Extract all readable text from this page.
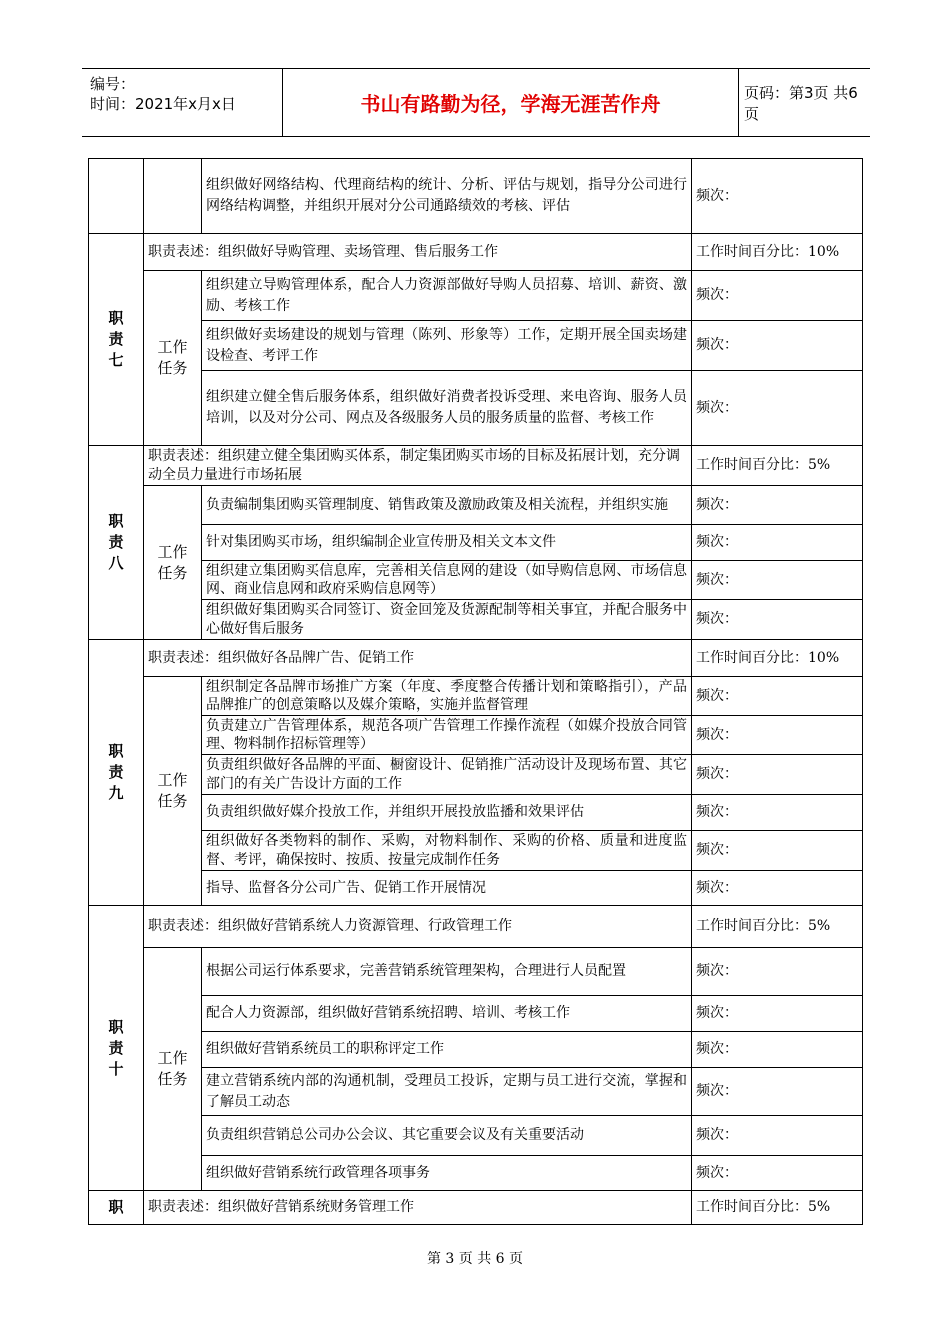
编号：
时间：2021年x月x日	书山有路勤为径，学海无涯苦作舟	页码：第3页 共6页
		组织做好网络结构、代理商结构的统计、分析、评估与规划，指导分公司进行网络结构调整，并组织开展对分公司通路绩效的考核、评估	频次：

职
责
七	职责表述：组织做好导购管理、卖场管理、售后服务工作		工作时间百分比：10%

	工作
任务	组织建立导购管理体系，配合人力资源部做好导购人员招募、培训、薪资、激励、考核工作	频次：
		组织做好卖场建设的规划与管理（陈列、形象等）工作，定期开展全国卖场建设检查、考评工作	频次：
		组织建立健全售后服务体系，组织做好消费者投诉受理、来电咨询、服务人员培训，以及对分公司、网点及各级服务人员的服务质量的监督、考核工作	频次：

职
责
八	职责表述：组织建立健全集团购买体系，制定集团购买市场的目标及拓展计划，充分调动全员力量进行市场拓展		工作时间百分比：5%

	工作
任务	负责编制集团购买管理制度、销售政策及激励政策及相关流程，并组织实施	频次：
		针对集团购买市场，组织编制企业宣传册及相关文本文件	频次：
		组织建立集团购买信息库，完善相关信息网的建设（如导购信息网、市场信息网、商业信息网和政府采购信息网等）	频次：
		组织做好集团购买合同签订、资金回笼及货源配制等相关事宜，并配合服务中心做好售后服务	频次：

职
责
九	职责表述：组织做好各品牌广告、促销工作		工作时间百分比：10%

	工作
任务	组织制定各品牌市场推广方案（年度、季度整合传播计划和策略指引），产品品牌推广的创意策略以及媒介策略，实施并监督管理	频次：
		负责建立广告管理体系，规范各项广告管理工作操作流程（如媒介投放合同管理、物料制作招标管理等）	频次：
		负责组织做好各品牌的平面、橱窗设计、促销推广活动设计及现场布置、其它部门的有关广告设计方面的工作	频次：
		负责组织做好媒介投放工作，并组织开展投放监播和效果评估	频次：
		组织做好各类物料的制作、采购，对物料制作、采购的价格、质量和进度监督、考评，确保按时、按质、按量完成制作任务	频次：
		指导、监督各分公司广告、促销工作开展情况	频次：

职
责
十	职责表述：组织做好营销系统人力资源管理、行政管理工作		工作时间百分比：5%

	工作
任务	根据公司运行体系要求，完善营销系统管理架构，合理进行人员配置	频次：
		配合人力资源部，组织做好营销系统招聘、培训、考核工作	频次：
		组织做好营销系统员工的职称评定工作	频次：
		建立营销系统内部的沟通机制，受理员工投诉，定期与员工进行交流，掌握和了解员工动态	频次：
		负责组织营销总公司办公会议、其它重要会议及有关重要活动	频次：
		组织做好营销系统行政管理各项事务	频次：

职	职责表述：组织做好营销系统财务管理工作		工作时间百分比：5%
第 3 页 共 6 页
